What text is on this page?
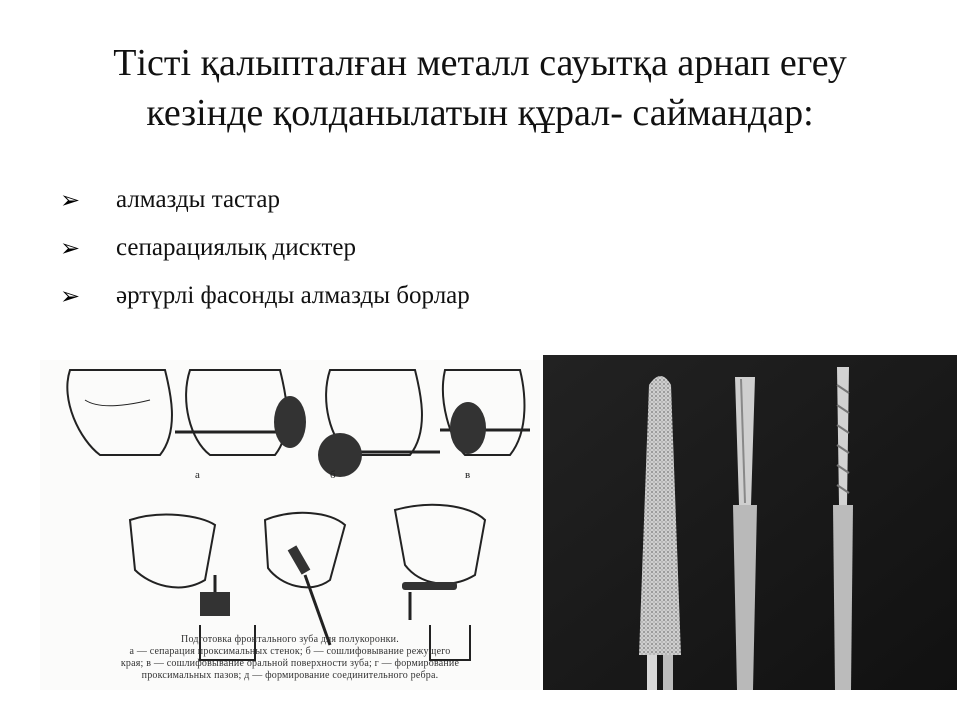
Тісті қалыпталған металл сауытқа арнап егеу
кезінде қолданылатын құрал- саймандар:
➢	алмазды тастар
➢	сепарациялық дисктер
➢	әртүрлі фасонды алмазды борлар
а	б	в
Подготовка фронтального зуба для полукоронки.
а — сепарация проксимальных стенок; б — сошлифовывание режущего
края; в — сошлифовывание оральной поверхности зуба; г — формирование
проксимальных пазов; д — формирование соединительного ребра.
